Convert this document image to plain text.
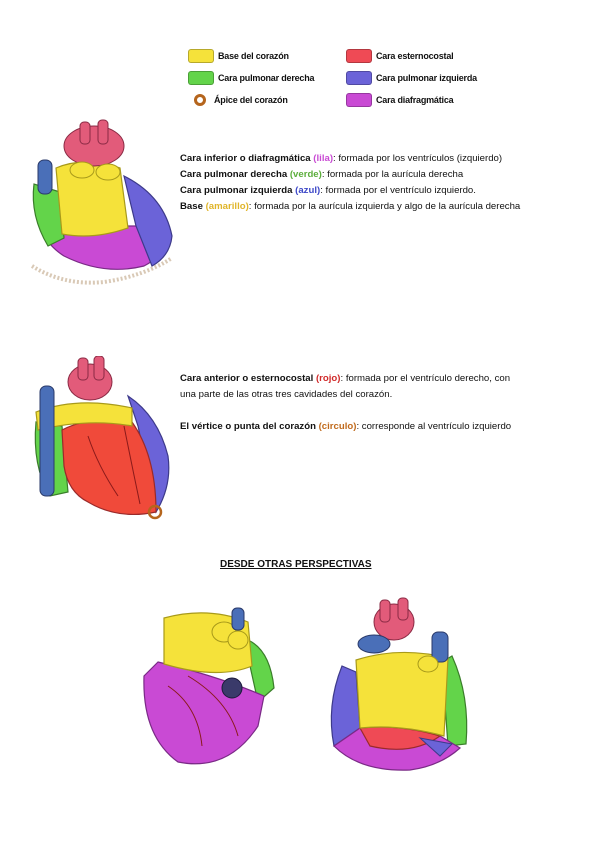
Base del corazón	Cara esternocostal
Cara pulmonar derecha	Cara pulmonar izquierda
Ápice del corazón	Cara diafragmática
Cara inferior o diafragmática (lila): formada por los ventrículos (izquierdo)
Cara pulmonar derecha (verde): formada por la aurícula derecha
Cara pulmonar izquierda (azul): formada por el ventrículo izquierdo.
Base (amarillo): formada por la aurícula izquierda y algo de la aurícula derecha
Cara anterior o esternocostal (rojo): formada por el ventrículo derecho, con
una parte de las otras tres cavidades del corazón.
El vértice o punta del corazón (circulo): corresponde al ventrículo izquierdo
DESDE OTRAS PERSPECTIVAS
